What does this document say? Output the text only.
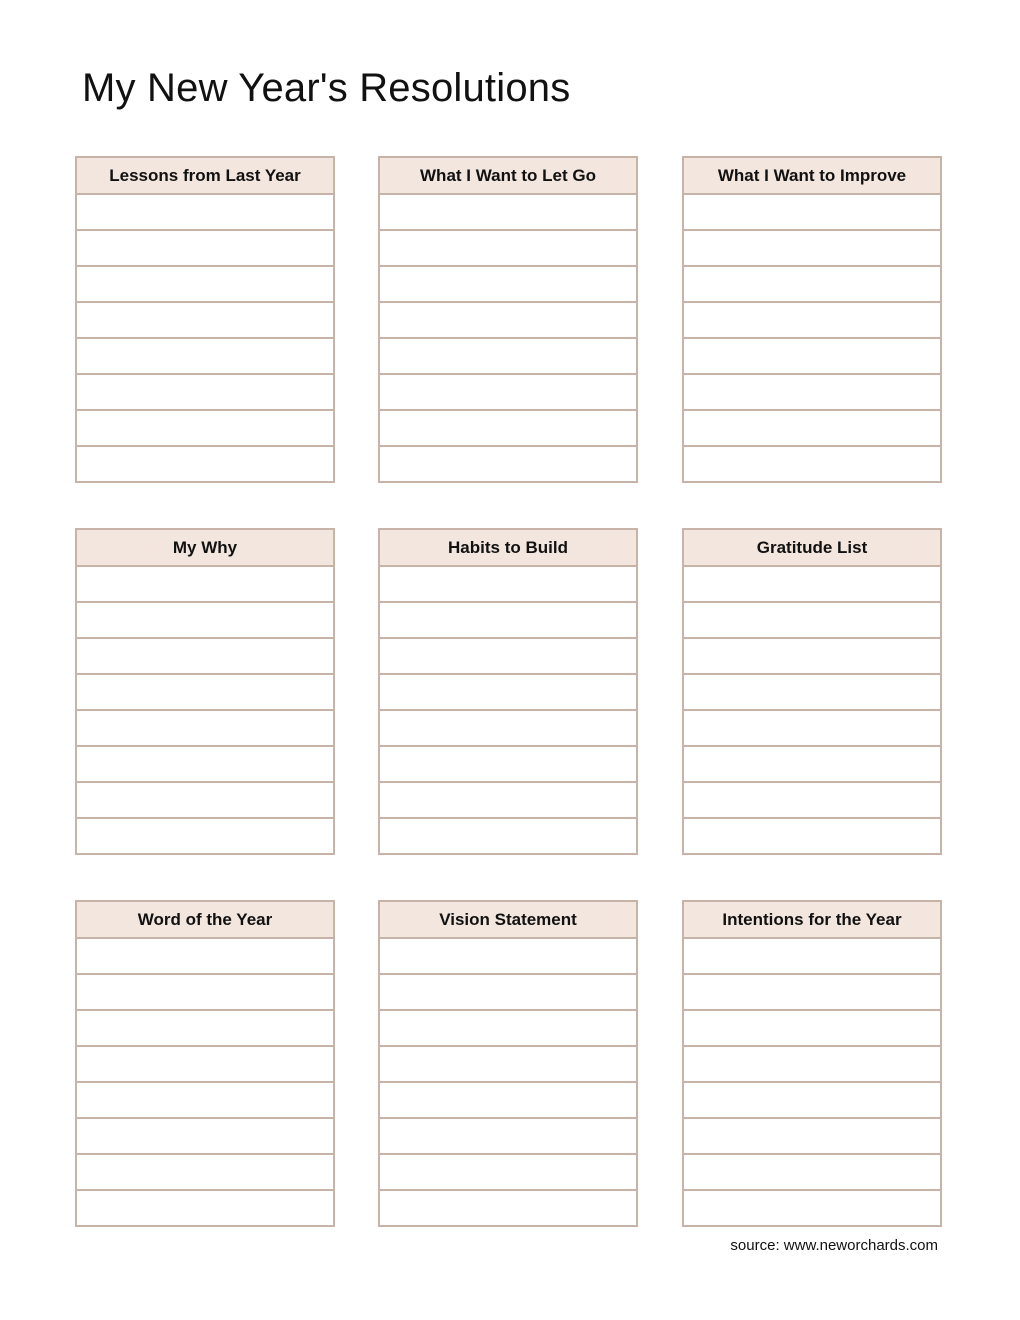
My New Year's Resolutions
Lessons from Last Year	What I Want to Let Go	What I Want to Improve
My Why	Habits to Build	Gratitude List
Word of the Year	Vision Statement	Intentions for the Year
source: www.neworchards.com
